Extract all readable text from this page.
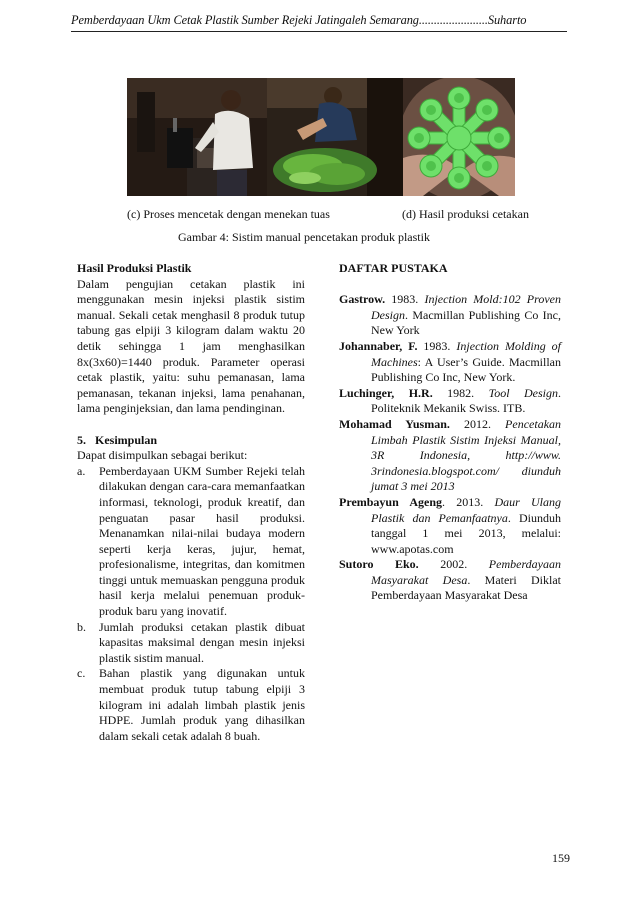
Pemberdayaan Ukm Cetak Plastik Sumber Rejeki Jatingaleh Semarang.......................Suharto
(c) Proses mencetak dengan menekan tuas	(d) Hasil produksi cetakan
Gambar 4: Sistim manual pencetakan produk plastik

Hasil Produksi Plastik

Dalam pengujian cetakan plastik ini menggunakan mesin injeksi plastik sistim manual. Sekali cetak menghasil 8 produk tutup tabung gas elpiji 3 kilogram dalam waktu 20 detik sehingga 1 jam menghasilkan 8x(3x60)=1440 produk. Parameter operasi cetak plastik, yaitu: suhu pemanasan, lama pemanasan, tekanan injeksi, lama penahanan, lama penginjeksian, dan lama pendinginan.

5.   Kesimpulan

Dapat disimpulkan sebagai berikut:

a.	Pemberdayaan UKM Sumber Rejeki telah dilakukan dengan cara-cara memanfaatkan informasi, teknologi, produk kreatif, dan penguatan pasar hasil produksi. Menanamkan nilai-nilai budaya modern seperti kerja keras, jujur, hemat, profesionalisme, integritas, dan komitmen tinggi untuk memuaskan pengguna produk hasil kerja melalui penemuan produk-produk baru yang inovatif.
b.	Jumlah produksi cetakan plastik dibuat kapasitas maksimal dengan mesin injeksi plastik sistim manual.
c.	Bahan plastik yang digunakan untuk membuat produk tutup tabung elpiji 3 kilogram ini adalah limbah plastik jenis HDPE. Jumlah produk yang dihasilkan dalam sekali cetak adalah 8 buah.

DAFTAR PUSTAKA

Gastrow. 1983. Injection Mold:102 Proven Design. Macmillan Publishing Co Inc, New York

Johannaber, F. 1983. Injection Molding of Machines: A User’s Guide. Macmillan Publishing Co Inc, New York.

Luchinger, H.R. 1982. Tool Design. Politeknik Mekanik Swiss. ITB.

Mohamad Yusman. 2012. Pencetakan Limbah Plastik Sistim Injeksi Manual, 3R Indonesia, http://www. 3rindonesia.blogspot.com/ diunduh jumat 3 mei 2013

Prembayun Ageng. 2013. Daur Ulang Plastik dan Pemanfaatnya. Diunduh tanggal 1 mei 2013, melalui: www.apotas.com

Sutoro Eko. 2002. Pemberdayaan Masyarakat Desa. Materi Diklat Pemberdayaan Masyarakat Desa

159
